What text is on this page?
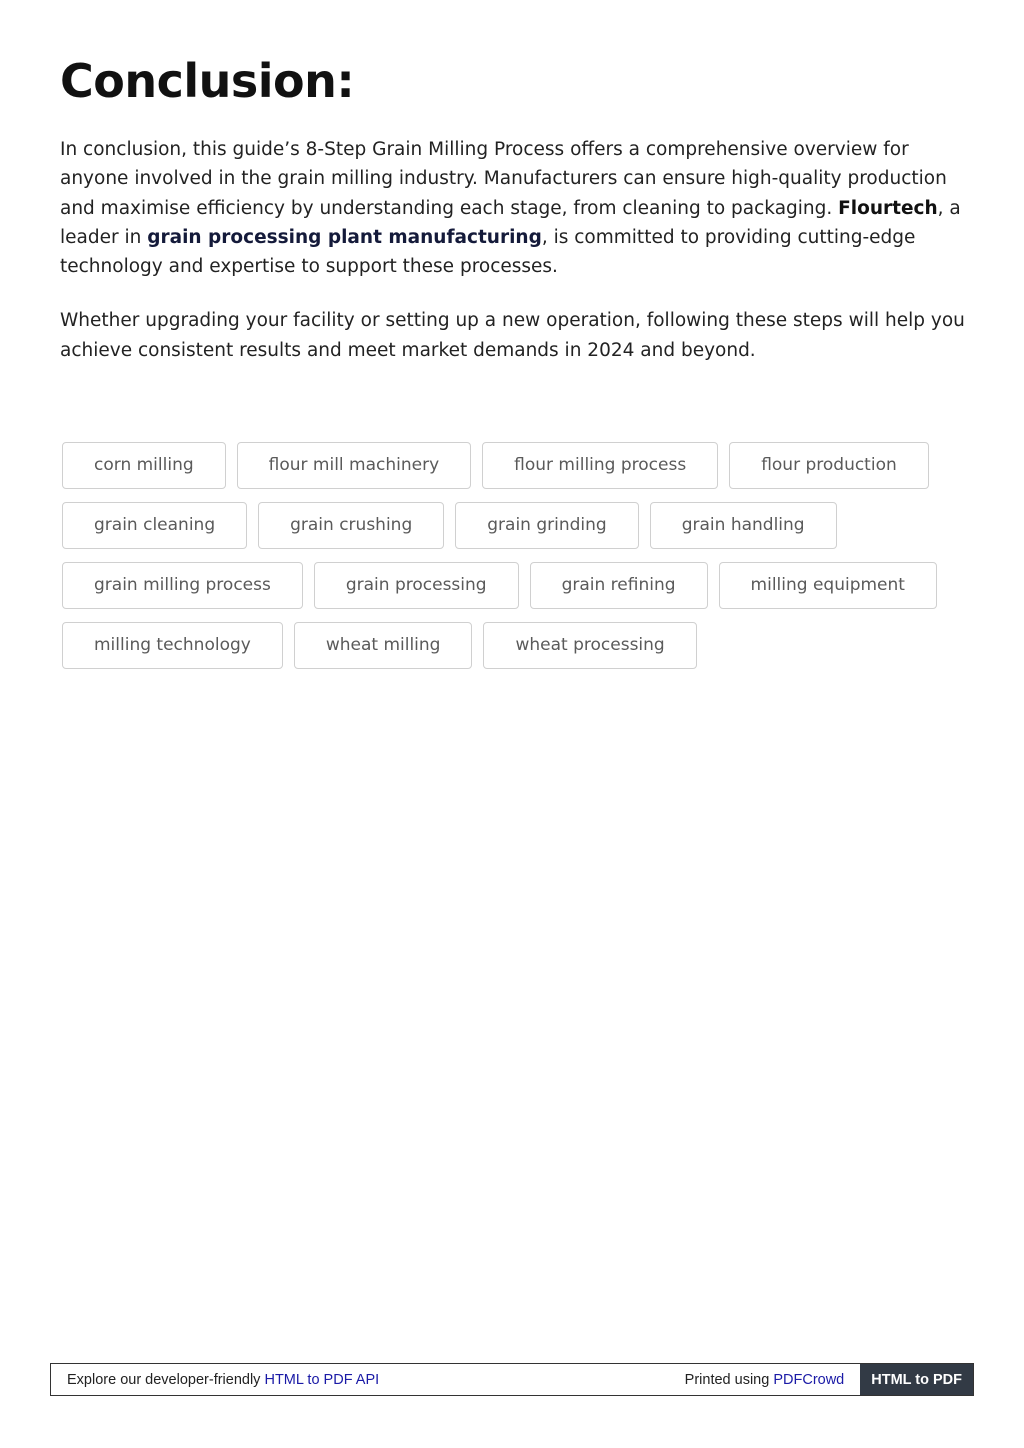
Conclusion:

In conclusion, this guide’s 8-Step Grain Milling Process offers a comprehensive overview for anyone involved in the grain milling industry. Manufacturers can ensure high-quality production and maximise efficiency by understanding each stage, from cleaning to packaging. Flourtech, a leader in grain processing plant manufacturing, is committed to providing cutting-edge technology and expertise to support these processes.

Whether upgrading your facility or setting up a new operation, following these steps will help you achieve consistent results and meet market demands in 2024 and beyond.

corn milling	flour mill machinery	flour milling process	flour production
grain cleaning	grain crushing	grain grinding	grain handling
grain milling process	grain processing	grain refining	milling equipment
milling technology	wheat milling	wheat processing
Explore our developer-friendly HTML to PDF API	Printed using PDFCrowd	HTML to PDF
